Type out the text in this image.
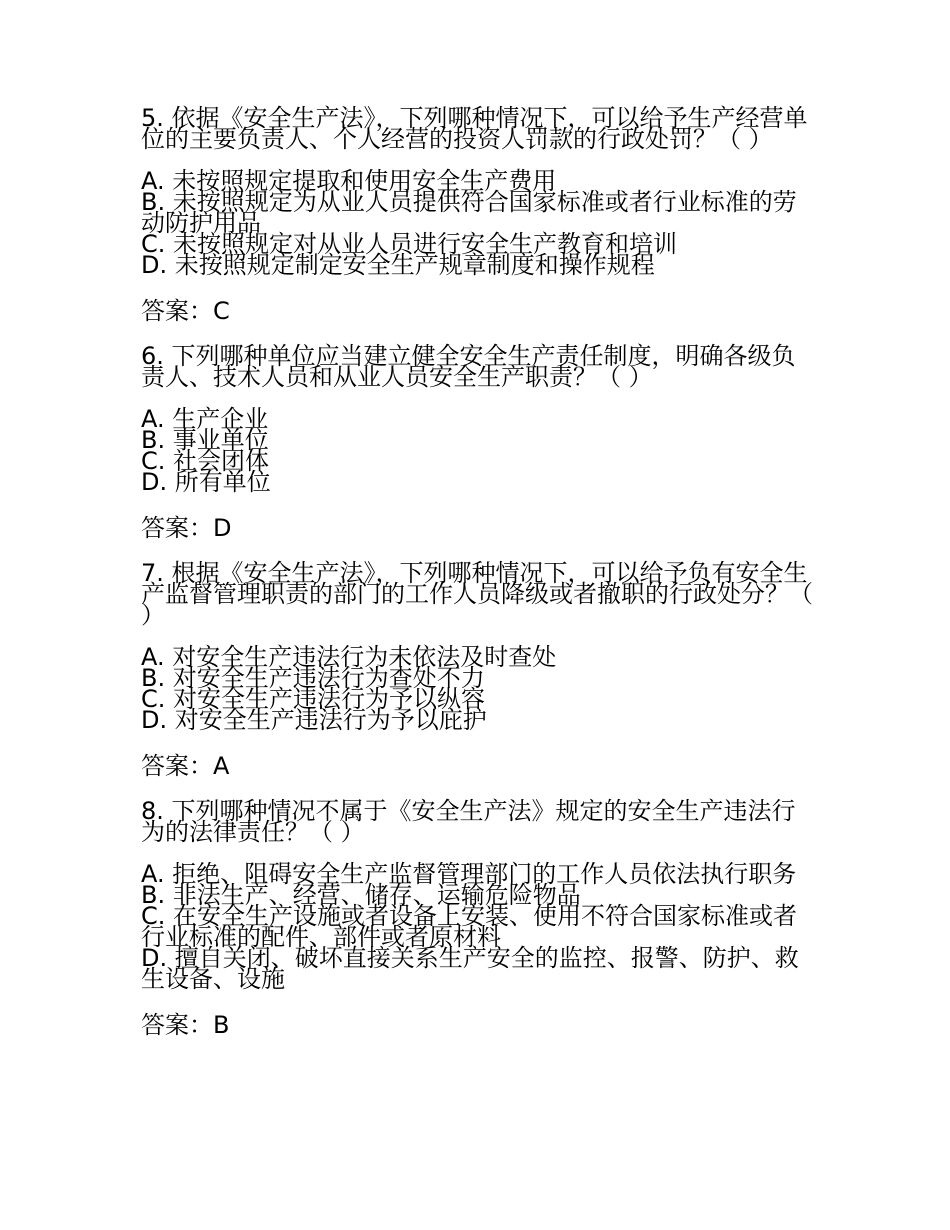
5. 依据《安全生产法》，下列哪种情况下，可以给予生产经营单位的主要负责人、个人经营的投资人罚款的行政处罚？（ ）

A. 未按照规定提取和使用安全生产费用

B. 未按照规定为从业人员提供符合国家标准或者行业标准的劳动防护用品

C. 未按照规定对从业人员进行安全生产教育和培训

D. 未按照规定制定安全生产规章制度和操作规程

答案：C

6. 下列哪种单位应当建立健全安全生产责任制度，明确各级负责人、技术人员和从业人员安全生产职责？（ ）

A. 生产企业

B. 事业单位

C. 社会团体

D. 所有单位

答案：D

7. 根据《安全生产法》，下列哪种情况下，可以给予负有安全生产监督管理职责的部门的工作人员降级或者撤职的行政处分？（ ）

A. 对安全生产违法行为未依法及时查处

B. 对安全生产违法行为查处不力

C. 对安全生产违法行为予以纵容

D. 对安全生产违法行为予以庇护

答案：A

8. 下列哪种情况不属于《安全生产法》规定的安全生产违法行为的法律责任？（ ）

A. 拒绝、阻碍安全生产监督管理部门的工作人员依法执行职务

B. 非法生产、经营、储存、运输危险物品

C. 在安全生产设施或者设备上安装、使用不符合国家标准或者行业标准的配件、部件或者原材料

D. 擅自关闭、破坏直接关系生产安全的监控、报警、防护、救生设备、设施

答案：B
